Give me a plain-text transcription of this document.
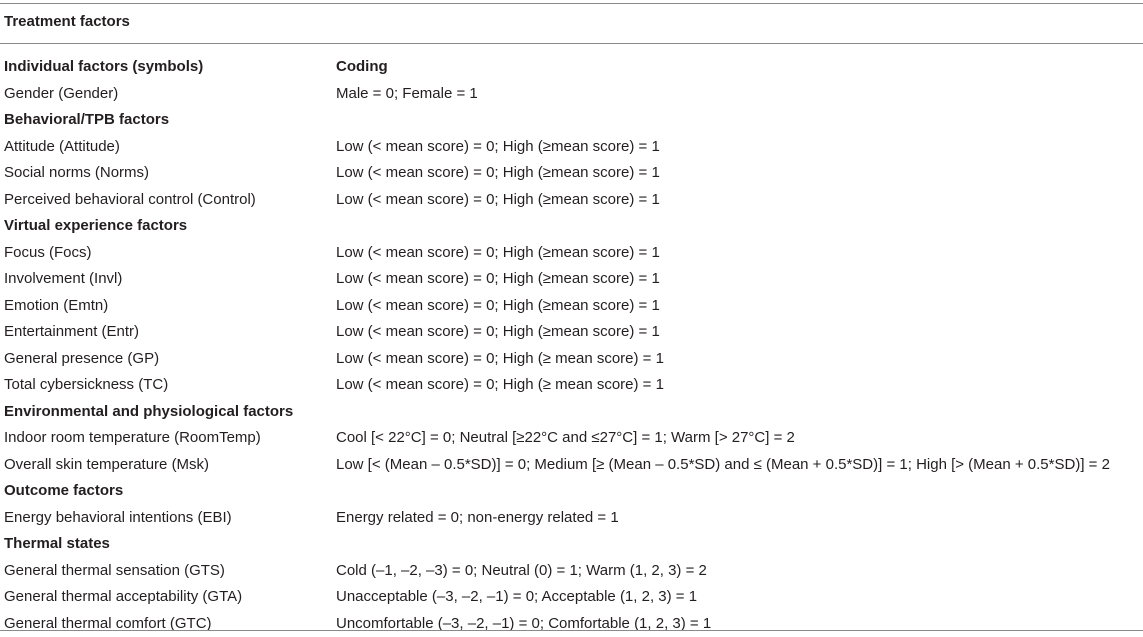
Treatment factors
Individual factors (symbols)	Coding
Gender (Gender)	Male = 0; Female = 1
Behavioral/TPB factors
Attitude (Attitude)	Low (< mean score) = 0; High (≥mean score) = 1
Social norms (Norms)	Low (< mean score) = 0; High (≥mean score) = 1
Perceived behavioral control (Control)	Low (< mean score) = 0; High (≥mean score) = 1
Virtual experience factors
Focus (Focs)	Low (< mean score) = 0; High (≥mean score) = 1
Involvement (Invl)	Low (< mean score) = 0; High (≥mean score) = 1
Emotion (Emtn)	Low (< mean score) = 0; High (≥mean score) = 1
Entertainment (Entr)	Low (< mean score) = 0; High (≥mean score) = 1
General presence (GP)	Low (< mean score) = 0; High (≥ mean score) = 1
Total cybersickness (TC)	Low (< mean score) = 0; High (≥ mean score) = 1
Environmental and physiological factors
Indoor room temperature (RoomTemp)	Cool [< 22°C] = 0; Neutral [≥22°C and ≤27°C] = 1; Warm [> 27°C] = 2
Overall skin temperature (Msk)	Low [< (Mean – 0.5*SD)] = 0; Medium [≥ (Mean – 0.5*SD) and ≤ (Mean + 0.5*SD)] = 1; High [> (Mean + 0.5*SD)] = 2
Outcome factors
Energy behavioral intentions (EBI)	Energy related = 0; non-energy related = 1
Thermal states
General thermal sensation (GTS)	Cold (–1, –2, –3) = 0; Neutral (0) = 1; Warm (1, 2, 3) = 2
General thermal acceptability (GTA)	Unacceptable (–3, –2, –1) = 0; Acceptable (1, 2, 3) = 1
General thermal comfort (GTC)	Uncomfortable (–3, –2, –1) = 0; Comfortable (1, 2, 3) = 1
